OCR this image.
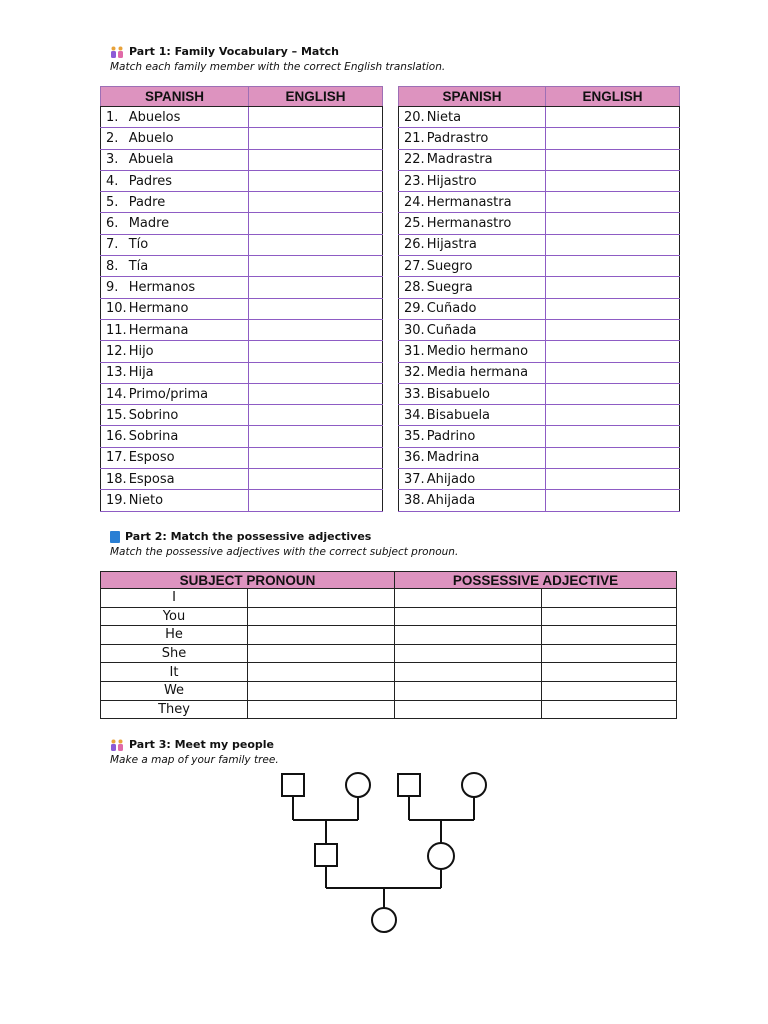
Part 1: Family Vocabulary – Match
Match each family member with the correct English translation.
SPANISH		ENGLISH
1.	Abuelos	
2.	Abuelo	
3.	Abuela	
4.	Padres	
5.	Padre	
6.	Madre	
7.	Tío	
8.	Tía	
9.	Hermanos	
10.	Hermano	
11.	Hermana	
12.	Hijo	
13.	Hija	
14.	Primo/prima	
15.	Sobrino	
16.	Sobrina	
17.	Esposo	
18.	Esposa	
19.	Nieto	
SPANISH		ENGLISH
20.	Nieta	
21.	Padrastro	
22.	Madrastra	
23.	Hijastro	
24.	Hermanastra	
25.	Hermanastro	
26.	Hijastra	
27.	Suegro	
28.	Suegra	
29.	Cuñado	
30.	Cuñada	
31.	Medio hermano	
32.	Media hermana	
33.	Bisabuelo	
34.	Bisabuela	
35.	Padrino	
36.	Madrina	
37.	Ahijado	
38.	Ahijada	
Part 2: Match the possessive adjectives
Match the possessive adjectives with the correct subject pronoun.
SUBJECT PRONOUN		POSSESSIVE ADJECTIVE	
I			
You			
He			
She			
It			
We			
They			
Part 3: Meet my people
Make a map of your family tree.
